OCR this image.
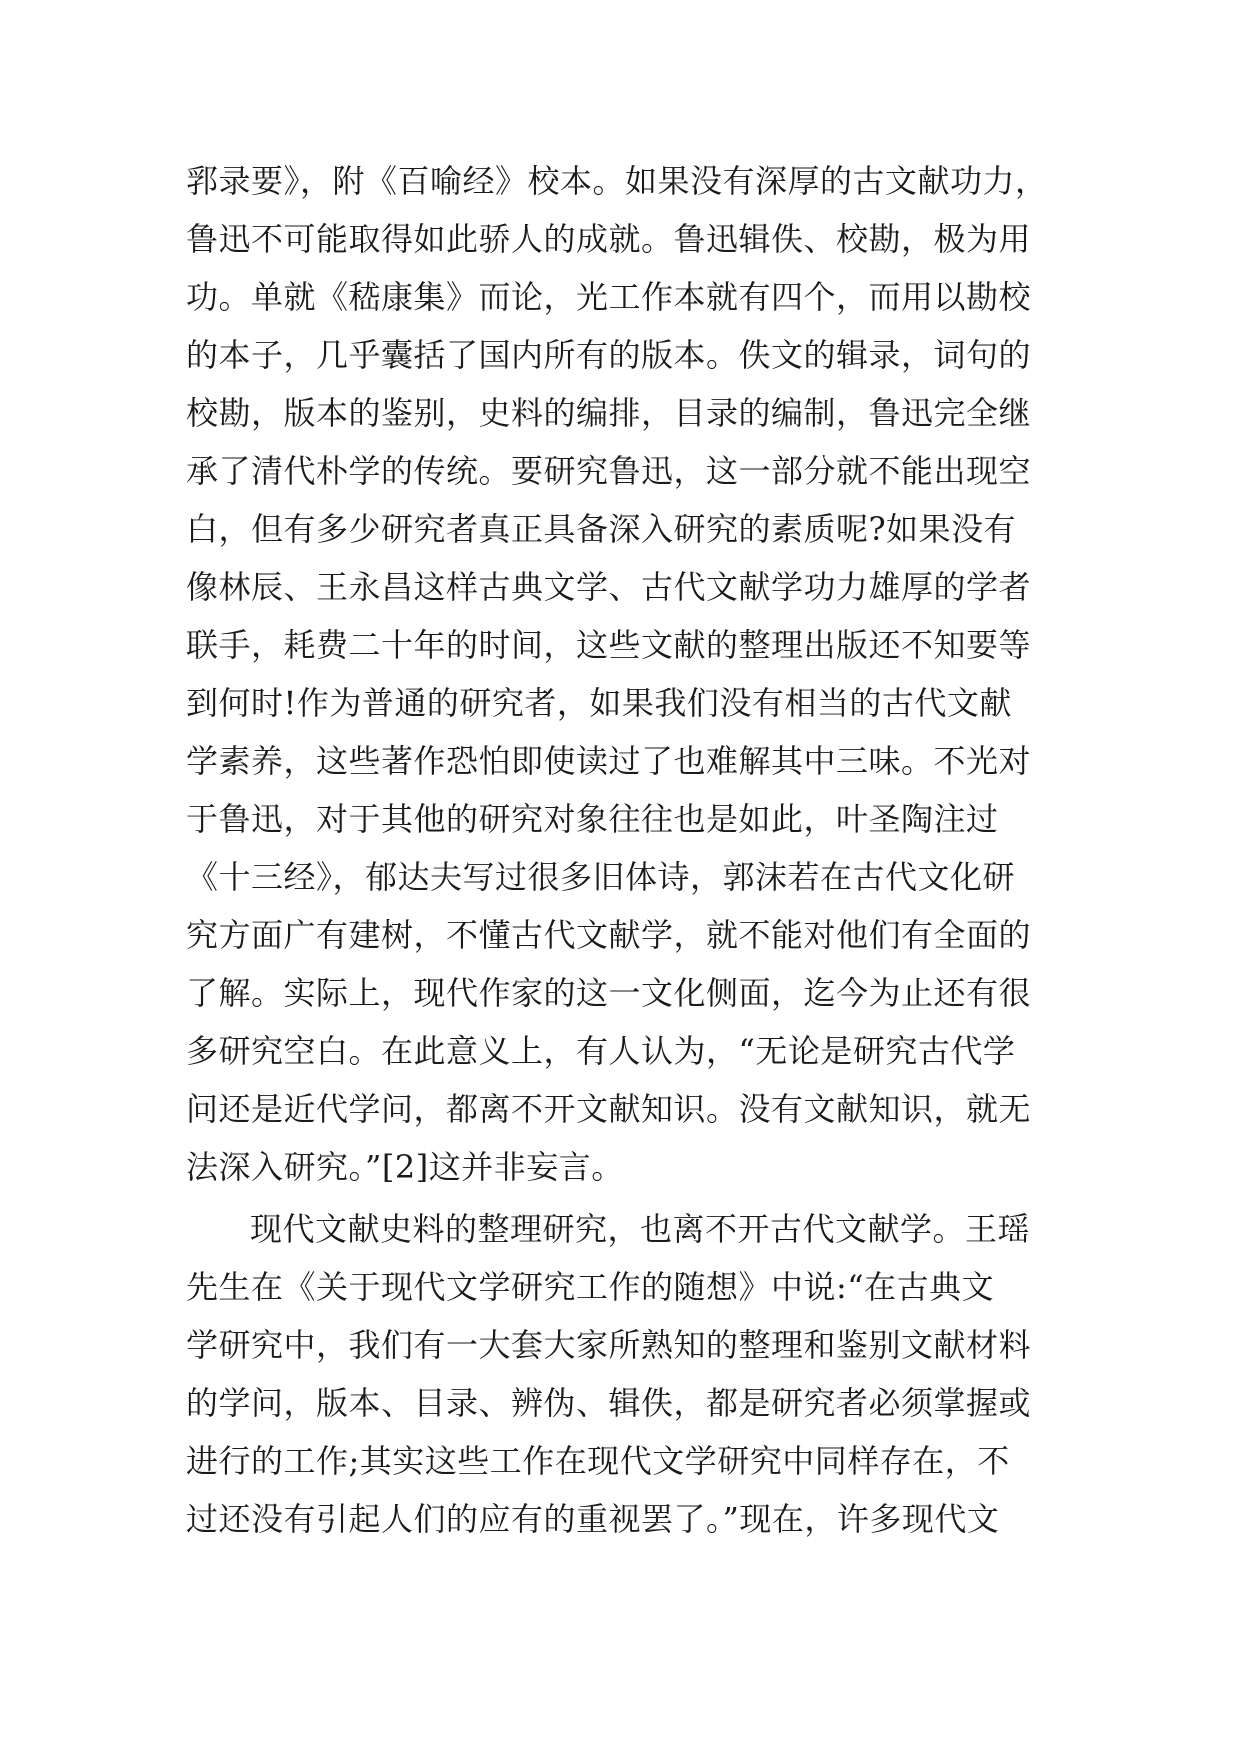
郛录要》，附《百喻经》校本。如果没有深厚的古文献功力，
鲁迅不可能取得如此骄人的成就。鲁迅辑佚、校勘，极为用
功。单就《嵇康集》而论，光工作本就有四个，而用以勘校
的本子，几乎囊括了国内所有的版本。佚文的辑录，词句的
校勘，版本的鉴别，史料的编排，目录的编制，鲁迅完全继
承了清代朴学的传统。要研究鲁迅，这一部分就不能出现空
白，但有多少研究者真正具备深入研究的素质呢?如果没有
像林辰、王永昌这样古典文学、古代文献学功力雄厚的学者
联手，耗费二十年的时间，这些文献的整理出版还不知要等
到何时!作为普通的研究者，如果我们没有相当的古代文献
学素养，这些著作恐怕即使读过了也难解其中三味。不光对
于鲁迅，对于其他的研究对象往往也是如此，叶圣陶注过
《十三经》，郁达夫写过很多旧体诗，郭沫若在古代文化研
究方面广有建树，不懂古代文献学，就不能对他们有全面的
了解。实际上，现代作家的这一文化侧面，迄今为止还有很
多研究空白。在此意义上，有人认为，“无论是研究古代学
问还是近代学问，都离不开文献知识。没有文献知识，就无
法深入研究。”[2]这并非妄言。
现代文献史料的整理研究，也离不开古代文献学。王瑶
先生在《关于现代文学研究工作的随想》中说:“在古典文
学研究中，我们有一大套大家所熟知的整理和鉴别文献材料
的学问，版本、目录、辨伪、辑佚，都是研究者必须掌握或
进行的工作;其实这些工作在现代文学研究中同样存在，不
过还没有引起人们的应有的重视罢了。”现在，许多现代文
